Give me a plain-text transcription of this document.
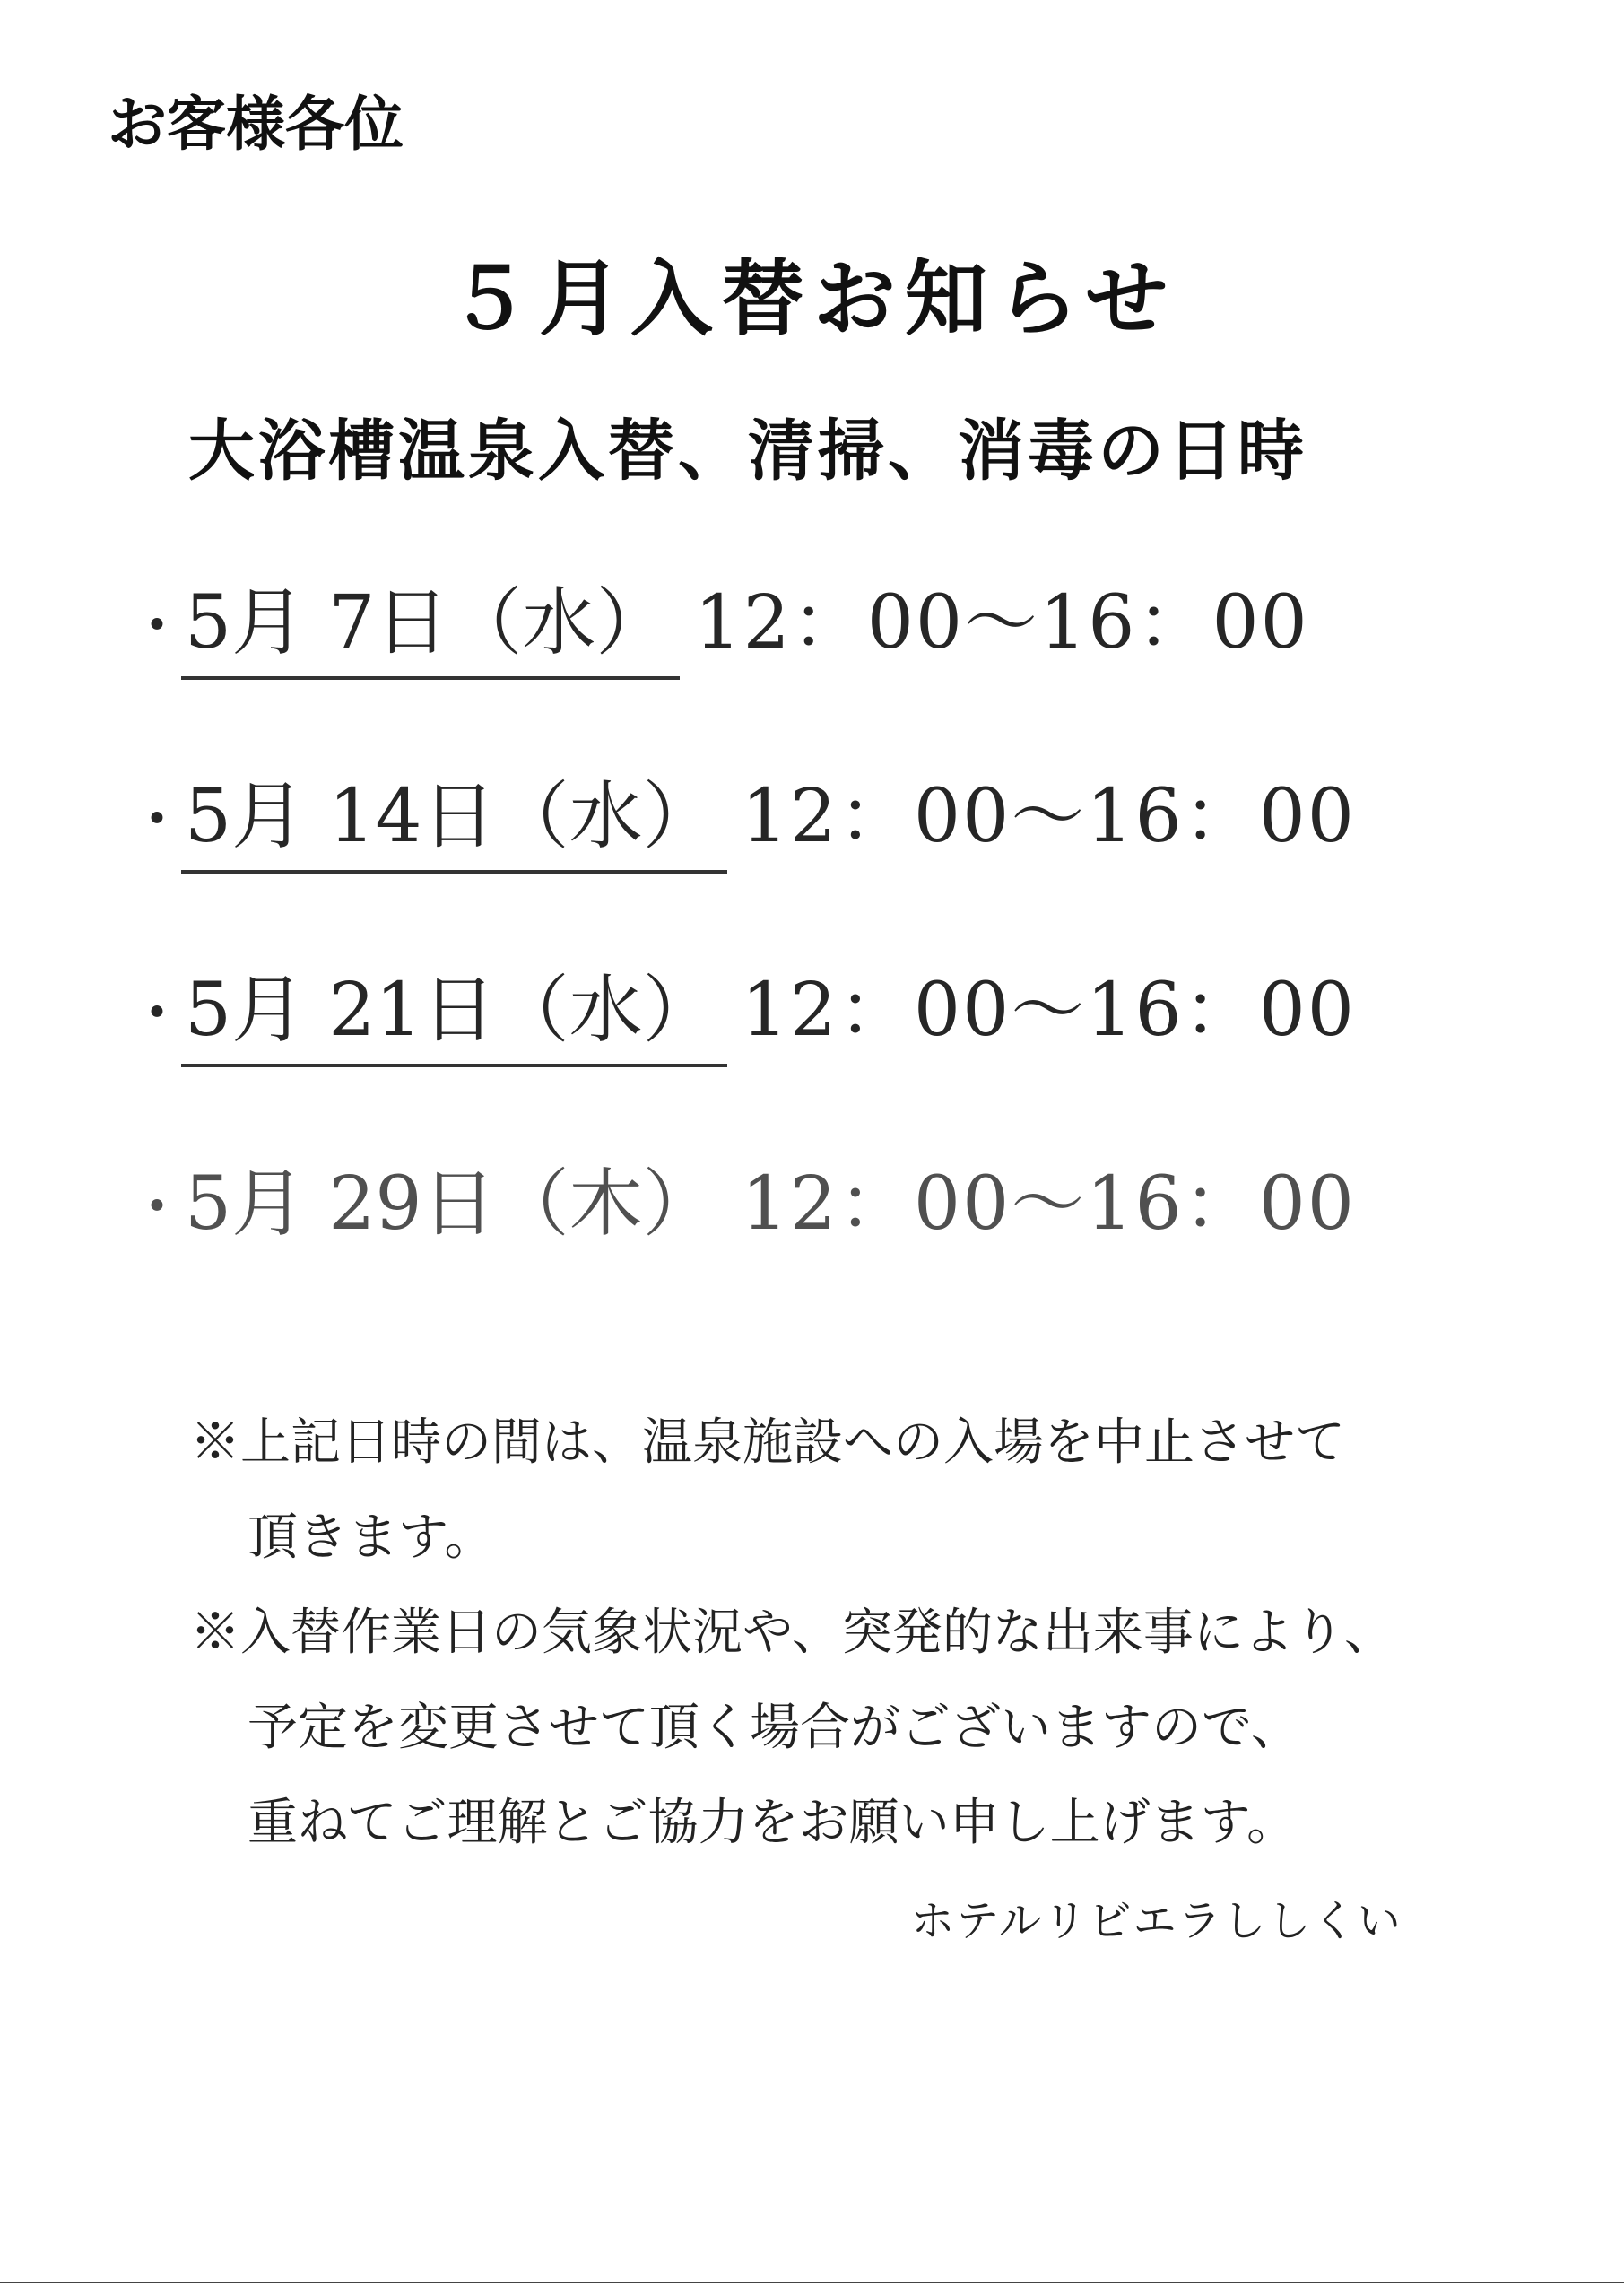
お客様各位
５月入替お知らせ
大浴槽温泉入替、清掃、消毒の日時
・5月 7日（水） 12：00～16：00
・5月 14日（水） 12：00～16：00
・5月 21日（水） 12：00～16：00
・5月 29日（木） 12：00～16：00
※上記日時の間は、温泉施設への入場を中止させて
頂きます。
※入替作業日の気象状況や、突発的な出来事により、
予定を変更させて頂く場合がございますので、
重ねてご理解とご協力をお願い申し上げます。
ホテルリビエラししくい
